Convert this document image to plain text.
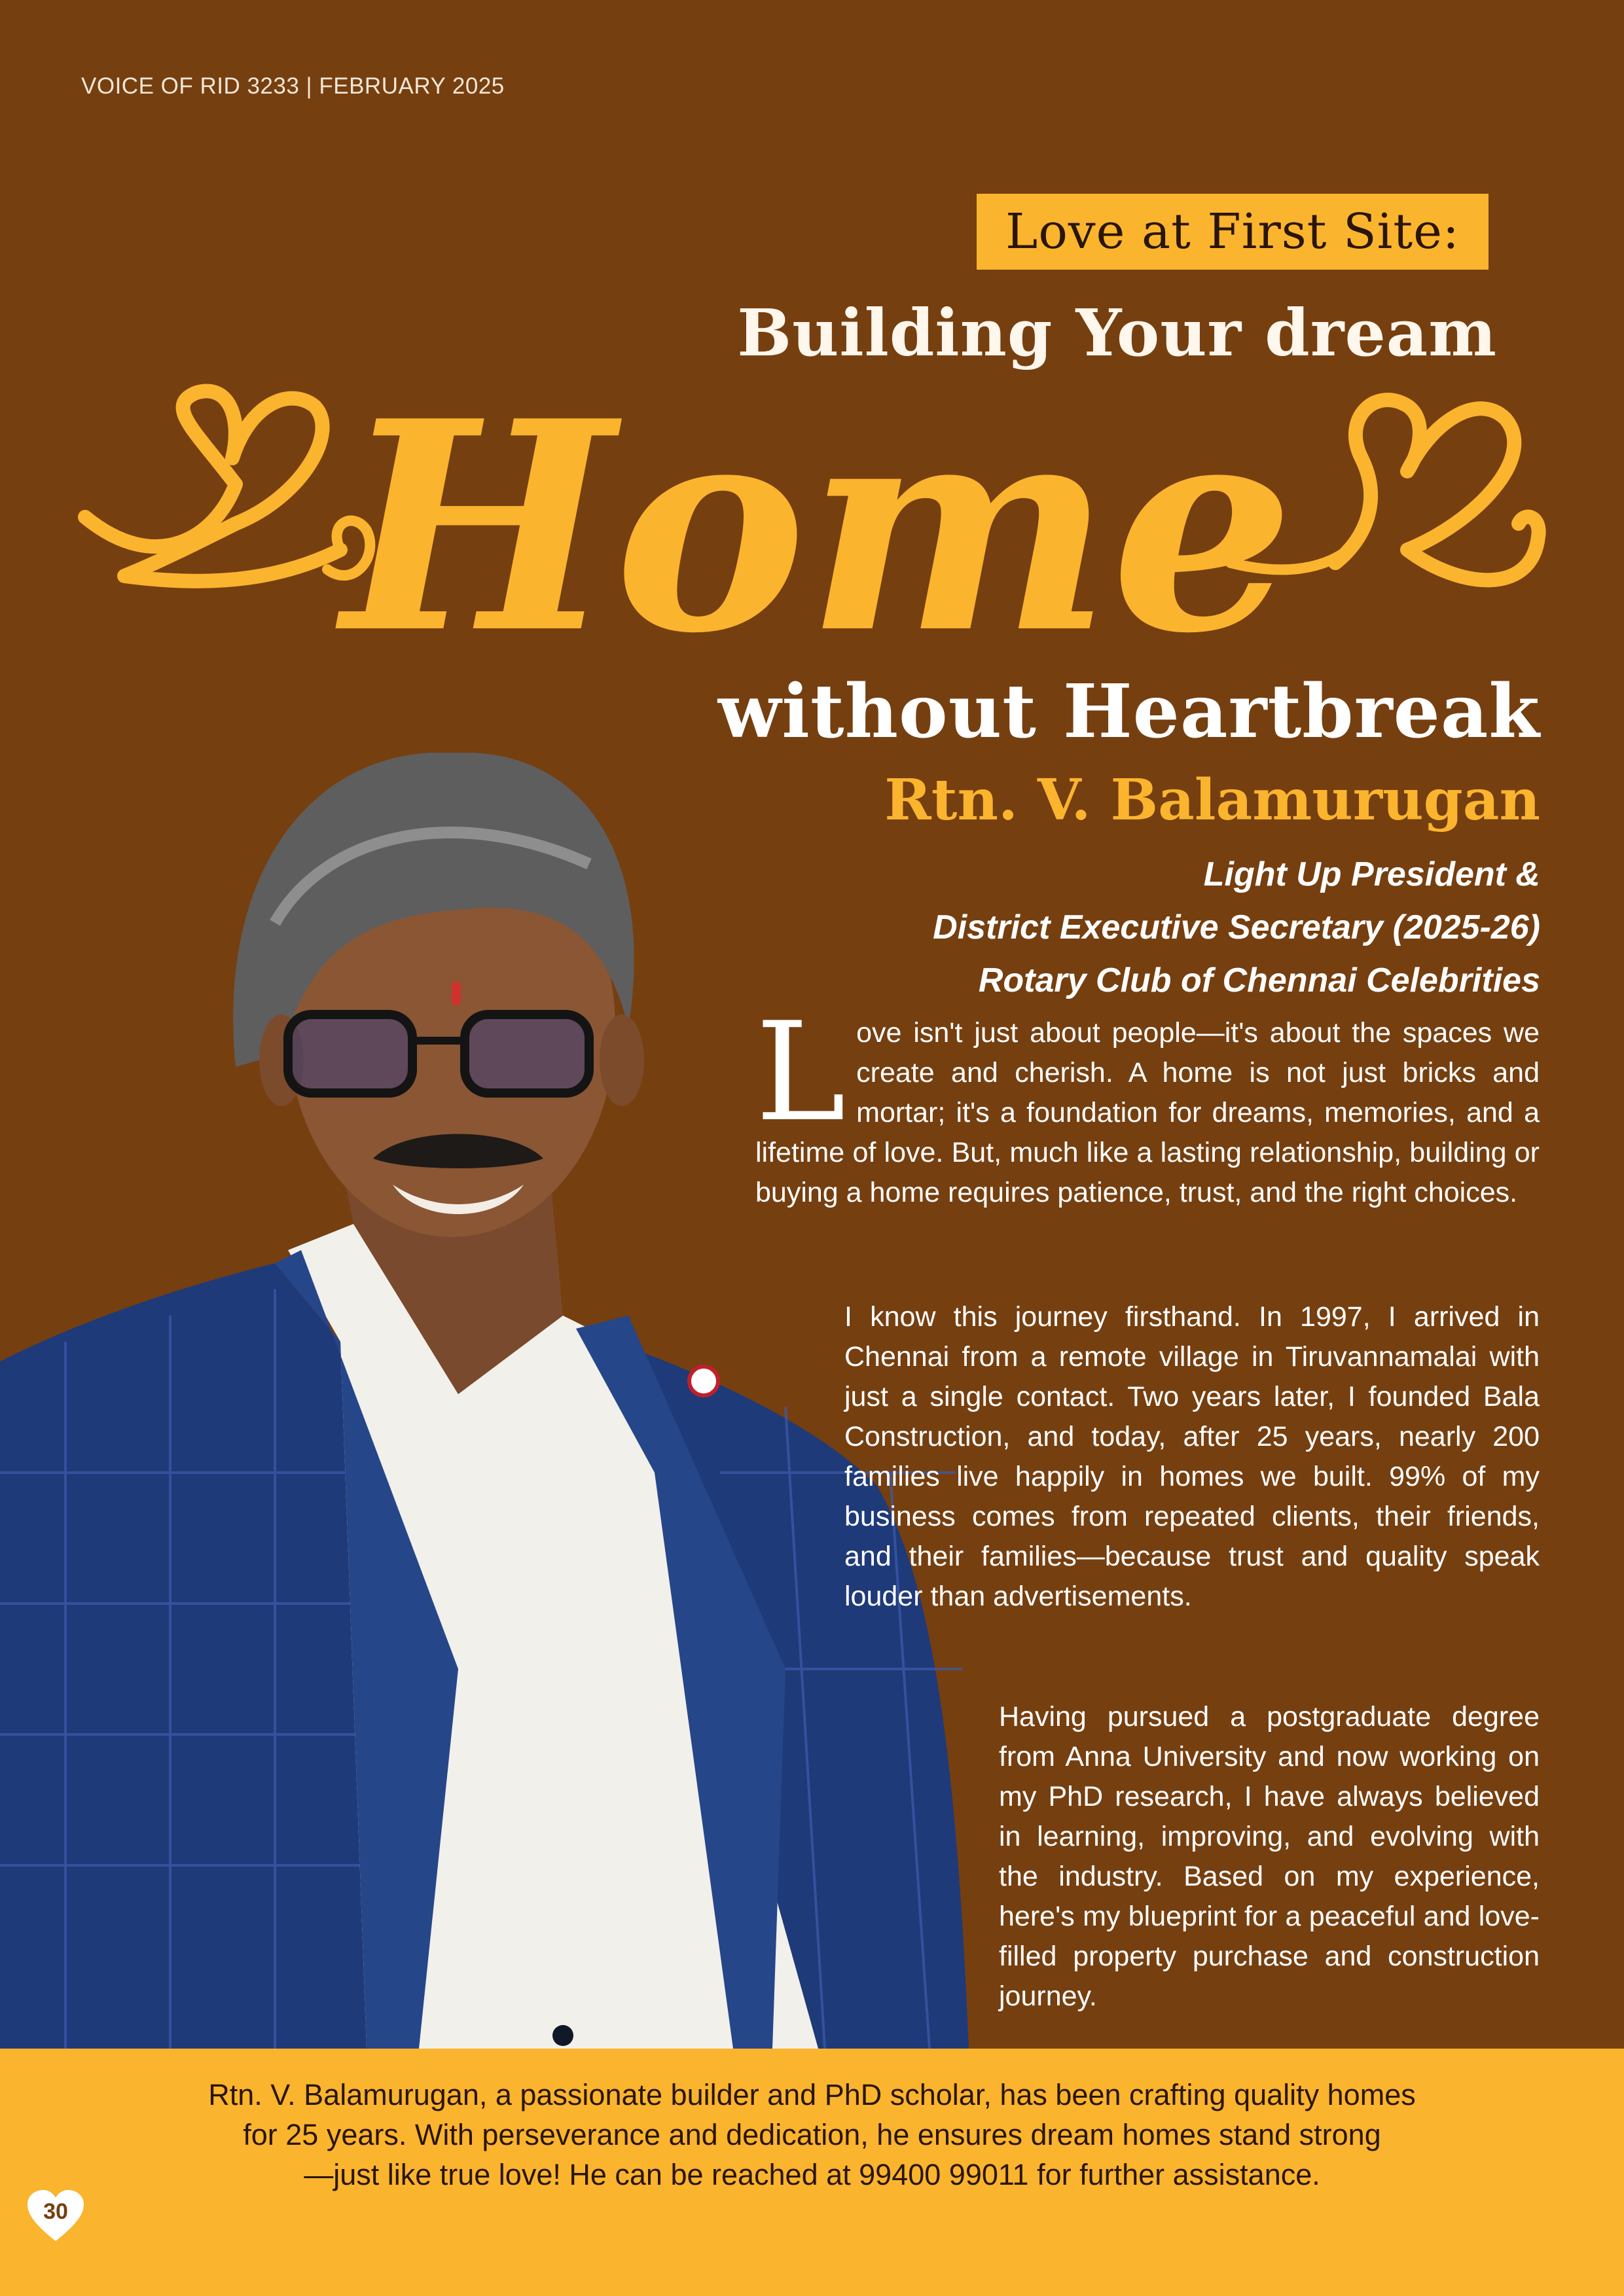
VOICE OF RID 3233 | FEBRUARY 2025
Home
Love at First Site:
Building Your dream
without Heartbreak
Rtn. V. Balamurugan
Light Up President &
District Executive Secretary (2025-26)
Rotary Club of Chennai Celebrities
L ove isn't just about people—it's about the spaces we create and cherish. A home is not just bricks and mortar; it's a foundation for dreams, memories, and a lifetime of love. But, much like a lasting relationship, building or buying a home requires patience, trust, and the right choices.
I know this journey firsthand. In 1997, I arrived in Chennai from a remote village in Tiruvannamalai with just a single contact. Two years later, I founded Bala Construction, and today, after 25 years, nearly 200 families live happily in homes we built. 99% of my business comes from repeated clients, their friends, and their families—because trust and quality speak louder than advertisements.
Having pursued a postgraduate degree from Anna University and now working on my PhD research, I have always believed in learning, improving, and evolving with the industry. Based on my experience, here's my blueprint for a peaceful and love-filled property purchase and construction journey.
Rtn. V. Balamurugan, a passionate builder and PhD scholar, has been crafting quality homes
for 25 years. With perseverance and dedication, he ensures dream homes stand strong
—just like true love! He can be reached at 99400 99011 for further assistance.
30
